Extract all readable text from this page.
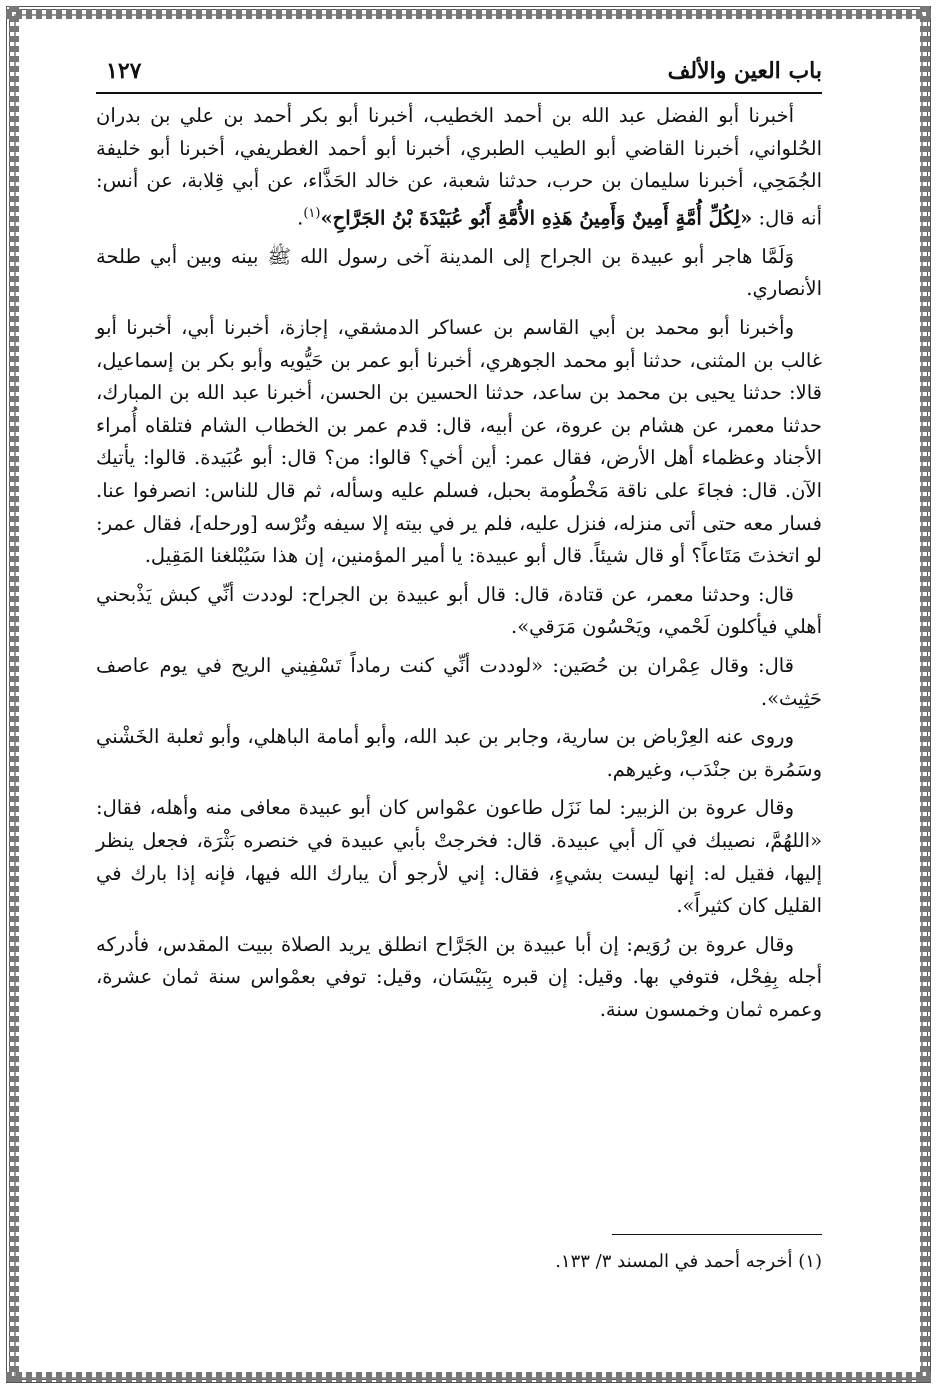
باب العين والألف
١٢٧

أخبرنا أبو الفضل عبد الله بن أحمد الخطيب، أخبرنا أبو بكر أحمد بن علي بن بدران الحُلواني، أخبرنا القاضي أبو الطيب الطبري، أخبرنا أبو أحمد الغطريفي، أخبرنا أبو خليفة الجُمَحِي، أخبرنا سليمان بن حرب، حدثنا شعبة، عن خالد الحَذَّاء، عن أبي قِلابة، عن أنس: أنه قال: «لِكُلِّ أُمَّةٍ أَمِينٌ وَأَمِينُ هَذِهِ الأُمَّةِ أَبُو عُبَيْدَةَ بْنُ الجَرَّاحِ»$^{(١)}$.

وَلَمَّا هاجر أبو عبيدة بن الجراح إلى المدينة آخى رسول الله ﷺ بينه وبين أبي طلحة الأنصاري.

وأخبرنا أبو محمد بن أبي القاسم بن عساكر الدمشقي، إجازة، أخبرنا أبي، أخبرنا أبو غالب بن المثنى، حدثنا أبو محمد الجوهري، أخبرنا أبو عمر بن حَيُّويه وأبو بكر بن إسماعيل، قالا: حدثنا يحيى بن محمد بن ساعد، حدثنا الحسين بن الحسن، أخبرنا عبد الله بن المبارك، حدثنا معمر، عن هشام بن عروة، عن أبيه، قال: قدم عمر بن الخطاب الشام فتلقاه أُمراء الأجناد وعظماء أهل الأرض، فقال عمر: أين أخي؟ قالوا: من؟ قال: أبو عُبَيدة. قالوا: يأتيك الآن. قال: فجاءَ على ناقة مَخْطُومة بحبل، فسلم عليه وسأله، ثم قال للناس: انصرفوا عنا. فسار معه حتى أتى منزله، فنزل عليه، فلم ير في بيته إلا سيفه وتُرْسه [ورحله]، فقال عمر: لو اتخذتَ مَتَاعاً؟ أو قال شيئاً. قال أبو عبيدة: يا أمير المؤمنين، إن هذا سَيُبْلغنا المَقِيل.

قال: وحدثنا معمر، عن قتادة، قال: قال أبو عبيدة بن الجراح: لوددت أنِّي كبش يَذْبحني أهلي فيأكلون لَحْمي، ويَحْسُون مَرَقي».

قال: وقال عِمْران بن حُصَين: «لوددت أنِّي كنت رماداً تَسْفِيني الريح في يوم عاصف حَثِيث».

وروى عنه العِرْباض بن سارية، وجابر بن عبد الله، وأبو أمامة الباهلي، وأبو ثعلبة الخَشْني وسَمُرة بن جنْدَب، وغيرهم.

وقال عروة بن الزبير: لما نَزَل طاعون عمْواس كان أبو عبيدة معافى منه وأهله، فقال: «اللهُمَّ، نصيبك في آل أبي عبيدة. قال: فخرجتْ بأبي عبيدة في خنصره بَثْرَة، فجعل ينظر إليها، فقيل له: إنها ليست بشيءٍ، فقال: إني لأرجو أن يبارك الله فيها، فإنه إذا بارك في القليل كان كثيراً».

وقال عروة بن رُوَيم: إن أبا عبيدة بن الجَرَّاح انطلق يريد الصلاة ببيت المقدس، فأدركه أجله بِفِحْل، فتوفي بها. وقيل: إن قبره بِبَيْسَان، وقيل: توفي بعمْواس سنة ثمان عشرة، وعمره ثمان وخمسون سنة.

(١) أخرجه أحمد في المسند ٣/ ١٣٣.
